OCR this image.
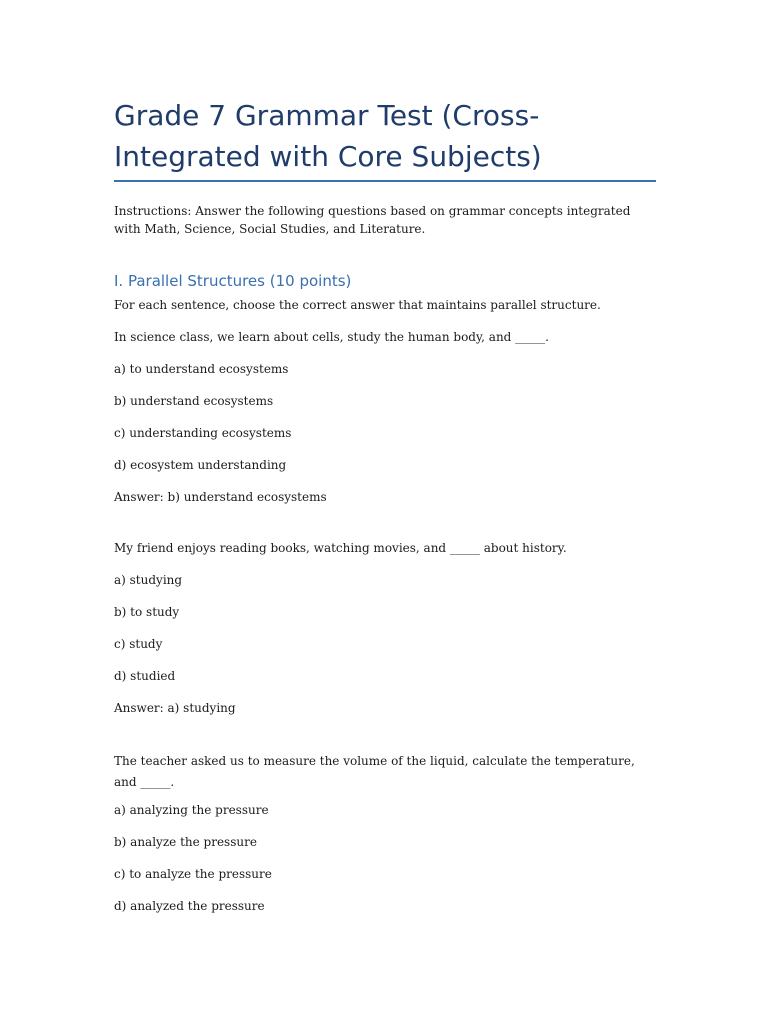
Grade 7 Grammar Test (Cross-
Integrated with Core Subjects)

Instructions: Answer the following questions based on grammar concepts integrated with Math, Science, Social Studies, and Literature.

I. Parallel Structures (10 points)

For each sentence, choose the correct answer that maintains parallel structure.

In science class, we learn about cells, study the human body, and _____.

a) to understand ecosystems

b) understand ecosystems

c) understanding ecosystems

d) ecosystem understanding

Answer: b) understand ecosystems

My friend enjoys reading books, watching movies, and _____ about history.

a) studying

b) to study

c) study

d) studied

Answer: a) studying

The teacher asked us to measure the volume of the liquid, calculate the temperature, and _____.

a) analyzing the pressure

b) analyze the pressure

c) to analyze the pressure

d) analyzed the pressure
